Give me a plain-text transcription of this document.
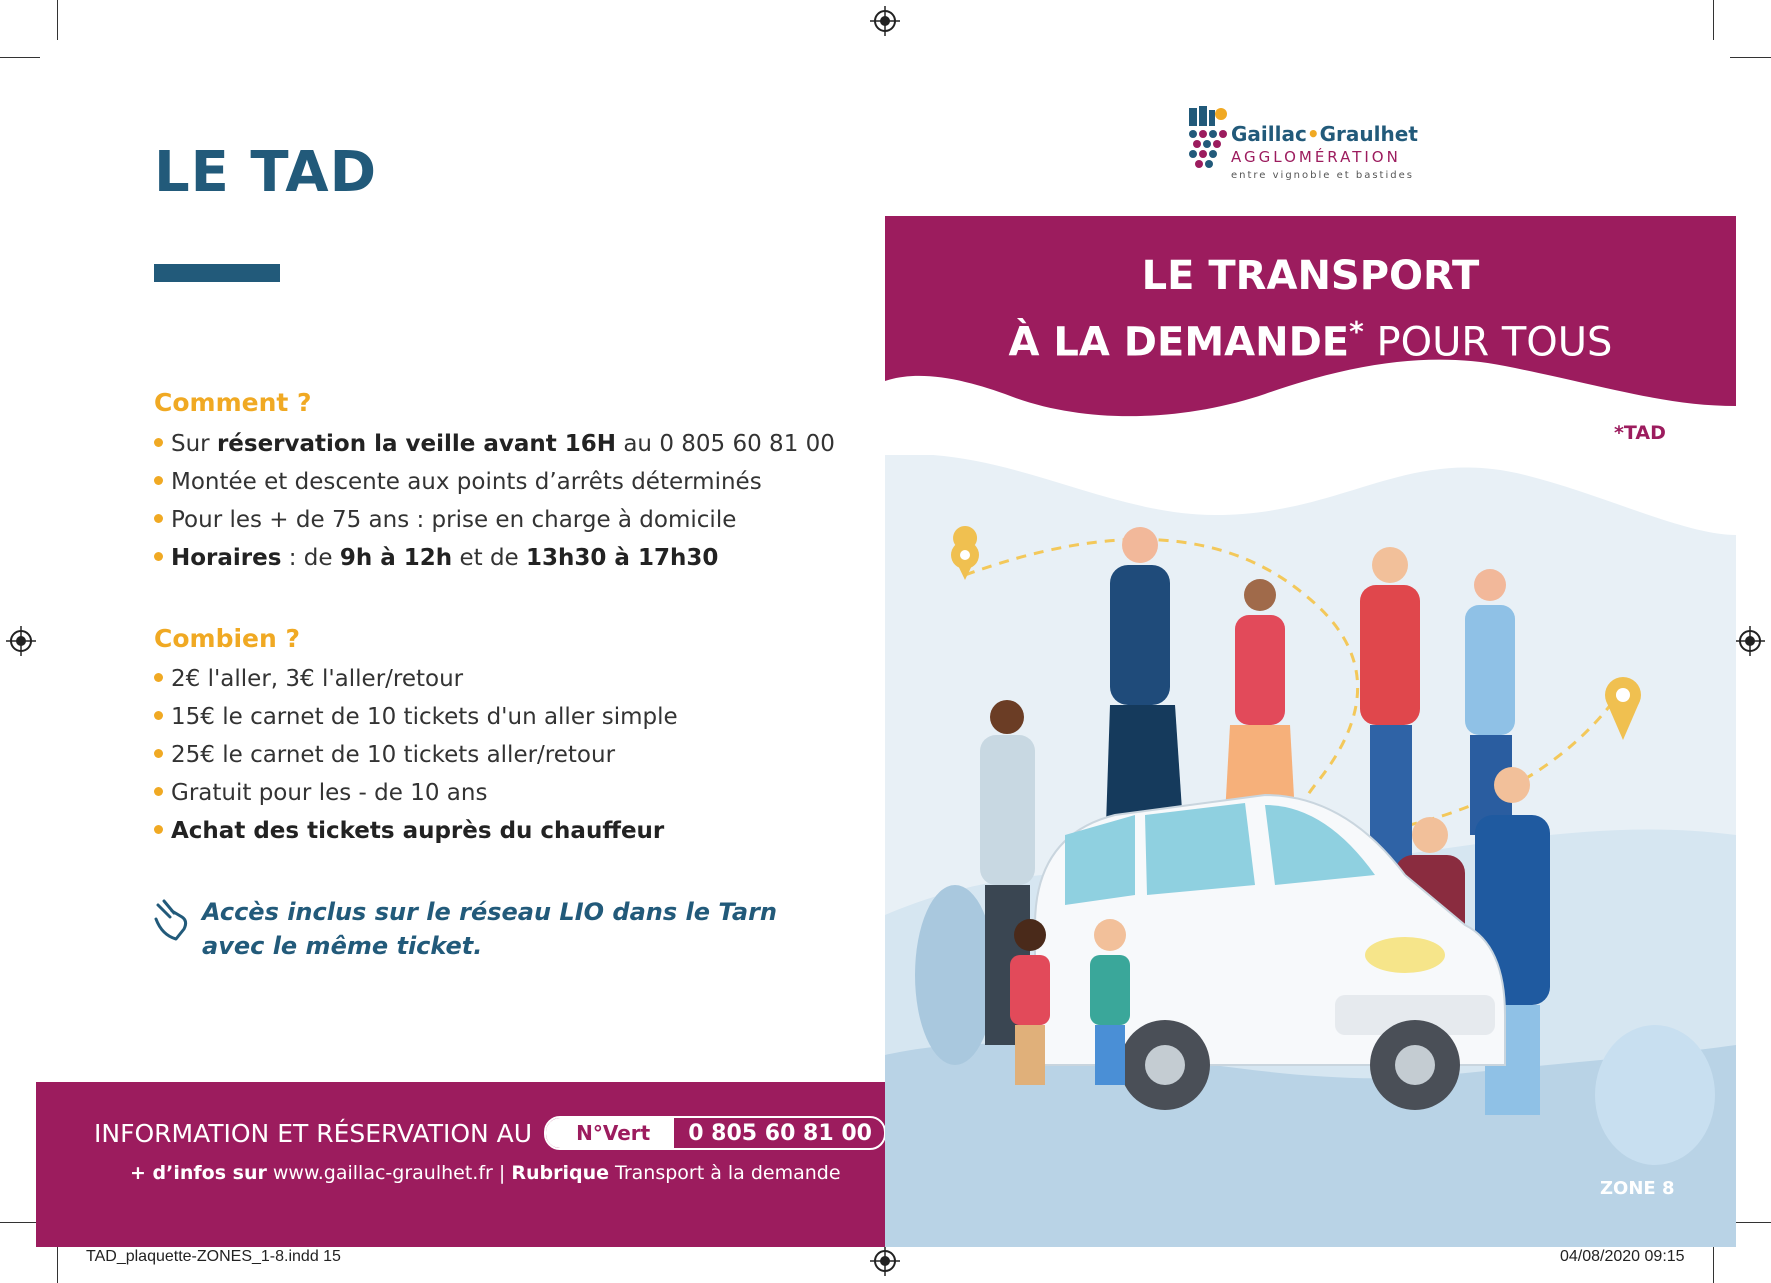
LE TAD
Comment ?
Sur réservation la veille avant 16H au 0 805 60 81 00
Montée et descente aux points d’arrêts déterminés
Pour les + de 75 ans : prise en charge à domicile
Horaires : de 9h à 12h et de 13h30 à 17h30
Combien ?
2€ l'aller, 3€ l'aller/retour
15€ le carnet de 10 tickets d'un aller simple
25€ le carnet de 10 tickets aller/retour
Gratuit pour les - de 10 ans
Achat des tickets auprès du chauffeur
Accès inclus sur le réseau LIO dans le Tarn
avec le même ticket.
INFORMATION ET RÉSERVATION AU	N°Vert	0 805 60 81 00
+ d’infos sur www.gaillac-graulhet.fr | Rubrique Transport à la demande
Gaillac•Graulhet
AGGLOMÉRATION
entre vignoble et bastides
LE TRANSPORT
À LA DEMANDE* POUR TOUS
*TAD
ZONE 8
TAD_plaquette-ZONES_1-8.indd 15	04/08/2020 09:15
